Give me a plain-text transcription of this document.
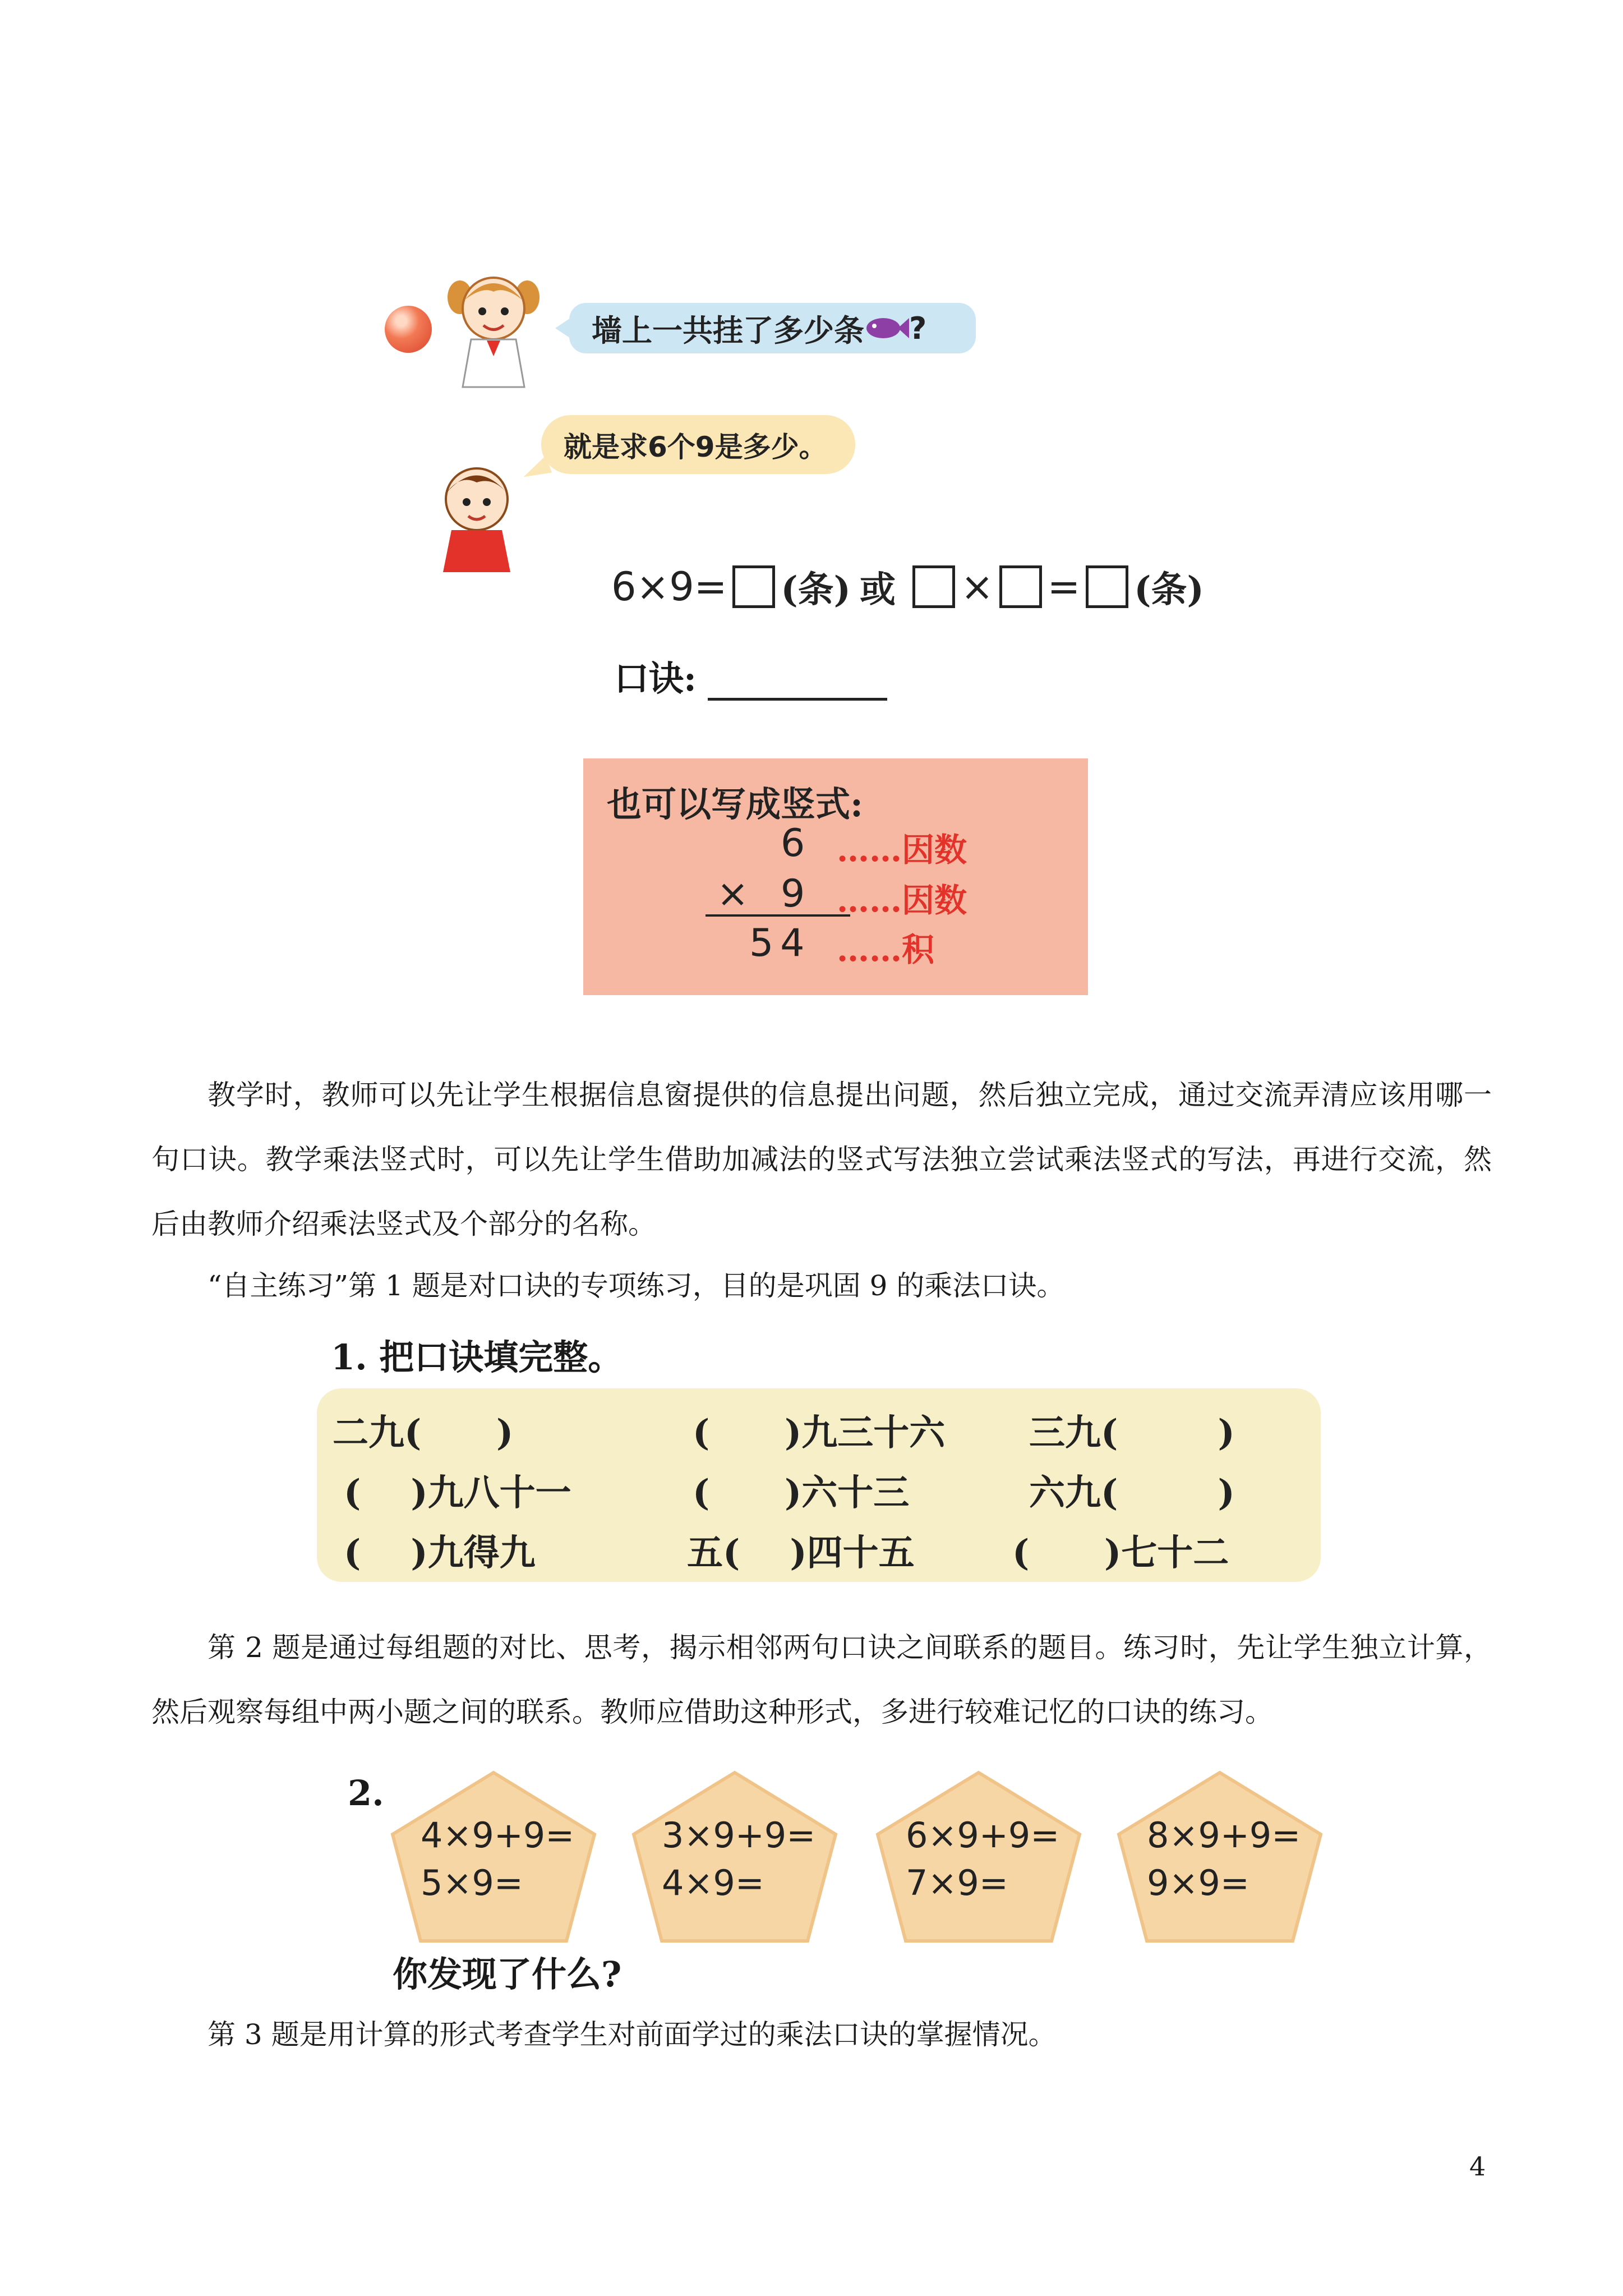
墙上一共挂了多少条 ?
就是求6个9是多少。
6×9= (条) 或 × = (条)
口诀:
也可以写成竖式:
6
× 9
54
……因数
……因数
……积
教学时，教师可以先让学生根据信息窗提供的信息提出问题，然后独立完成，通过交流弄清应该用哪一句口诀。教学乘法竖式时，可以先让学生借助加减法的竖式写法独立尝试乘法竖式的写法，再进行交流，然后由教师介绍乘法竖式及个部分的名称。
“自主练习”第 1 题是对口诀的专项练习，目的是巩固 9 的乘法口诀。
1. 把口诀填完整。
二九(      )	(      )九三十六 三九(        )
(    )九八十一	(      )六十三	六九(        )
(    )九得九	五(    )四十五	(      )七十二
第 2 题是通过每组题的对比、思考，揭示相邻两句口诀之间联系的题目。练习时，先让学生独立计算，然后观察每组中两小题之间的联系。教师应借助这种形式，多进行较难记忆的口诀的练习。
2.
4×9+9=
5×9=
3×9+9=
4×9=
6×9+9=
7×9=
8×9+9=
9×9=
你发现了什么?
第 3 题是用计算的形式考查学生对前面学过的乘法口诀的掌握情况。
4
